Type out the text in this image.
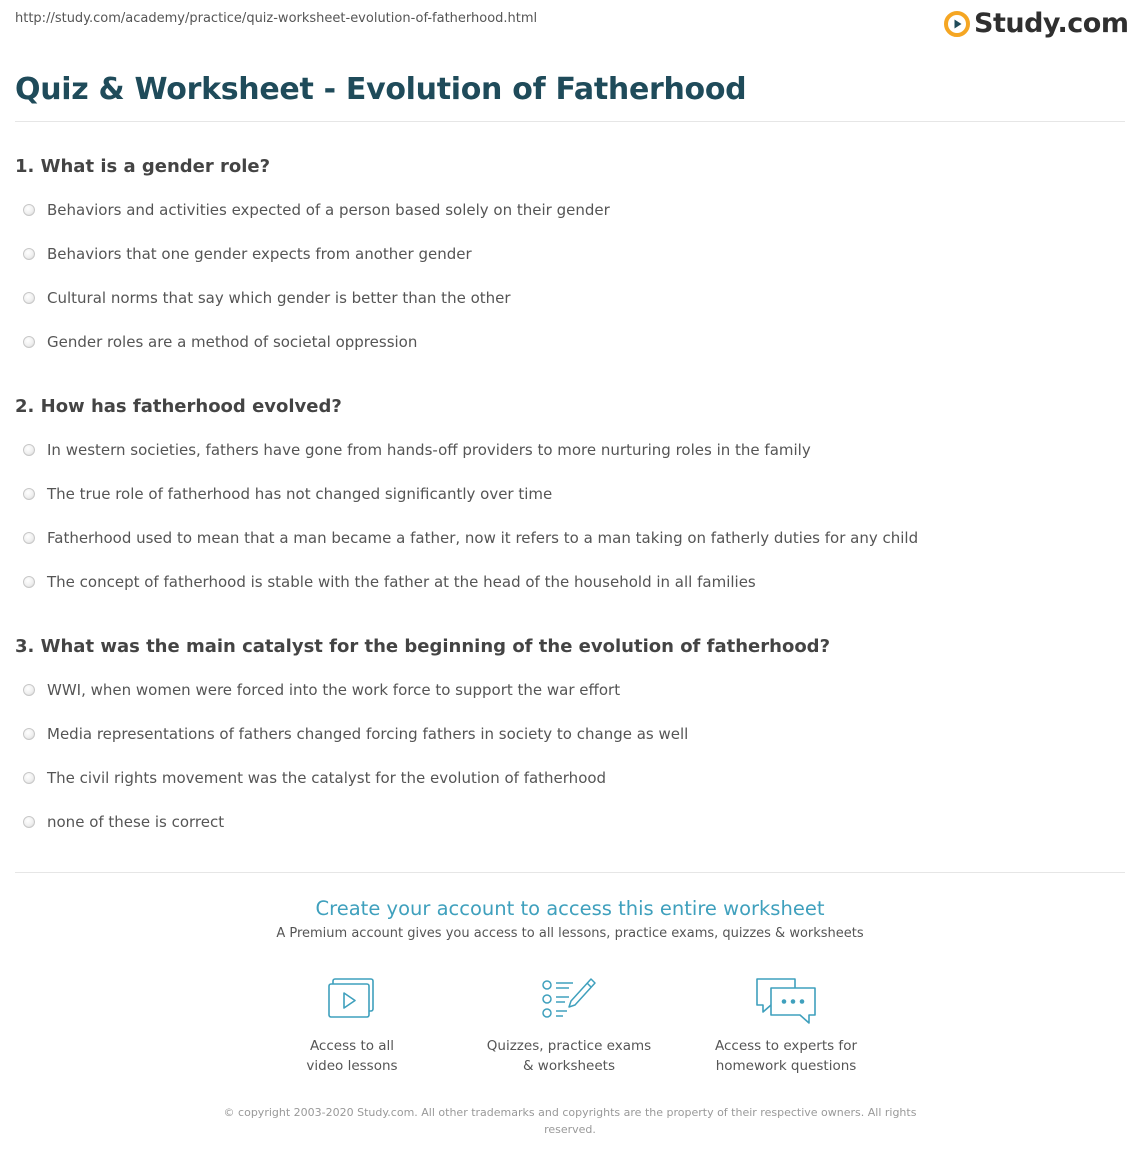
http://study.com/academy/practice/quiz-worksheet-evolution-of-fatherhood.html	Study.com
Quiz & Worksheet - Evolution of Fatherhood
1. What is a gender role?
Behaviors and activities expected of a person based solely on their gender
Behaviors that one gender expects from another gender
Cultural norms that say which gender is better than the other
Gender roles are a method of societal oppression
2. How has fatherhood evolved?
In western societies, fathers have gone from hands-off providers to more nurturing roles in the family
The true role of fatherhood has not changed significantly over time
Fatherhood used to mean that a man became a father, now it refers to a man taking on fatherly duties for any child
The concept of fatherhood is stable with the father at the head of the household in all families
3. What was the main catalyst for the beginning of the evolution of fatherhood?
WWI, when women were forced into the work force to support the war effort
Media representations of fathers changed forcing fathers in society to change as well
The civil rights movement was the catalyst for the evolution of fatherhood
none of these is correct
Create your account to access this entire worksheet
A Premium account gives you access to all lessons, practice exams, quizzes & worksheets
Access to all
video lessons
Quizzes, practice exams
& worksheets
Access to experts for
homework questions
© copyright 2003-2020 Study.com. All other trademarks and copyrights are the property of their respective owners. All rights reserved.
